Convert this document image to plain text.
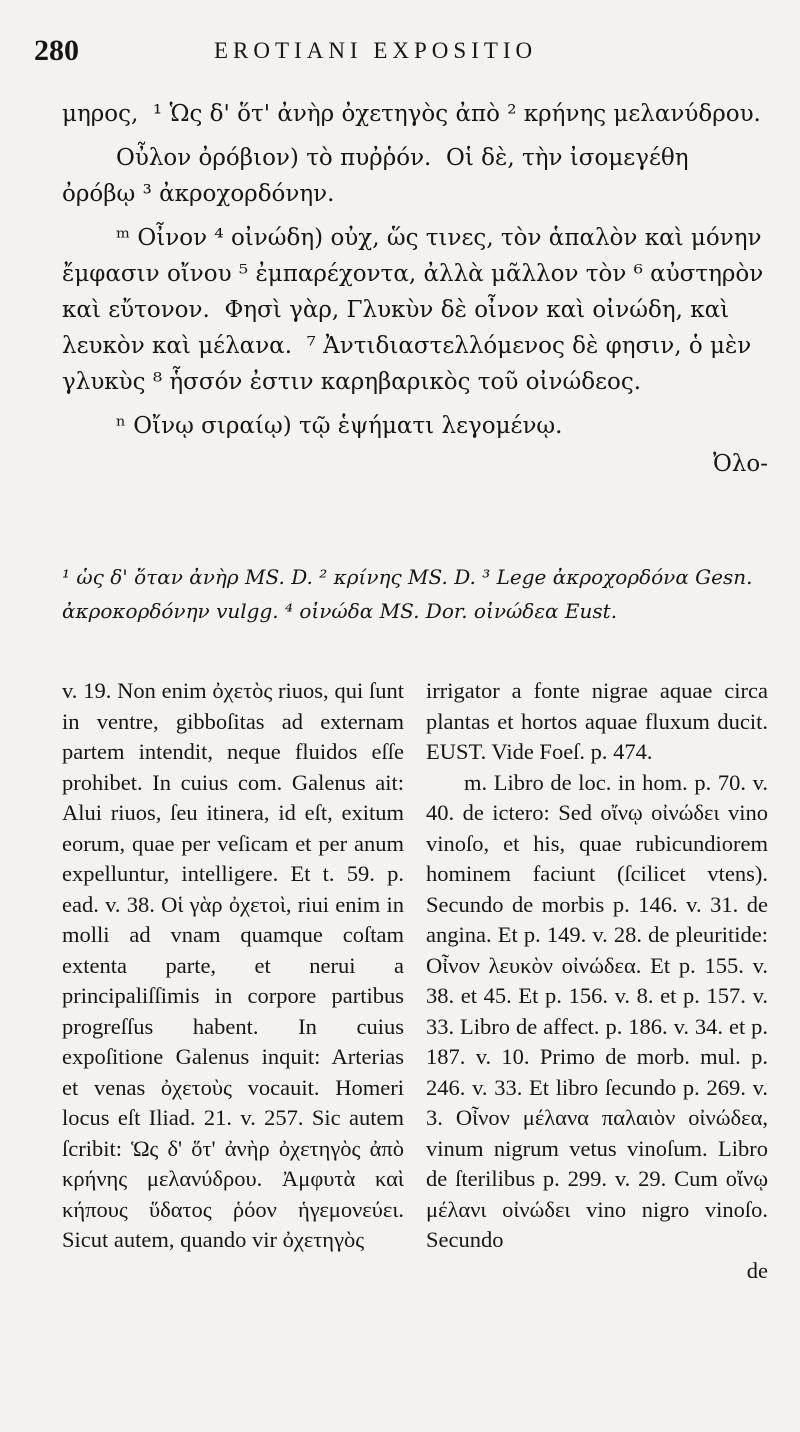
280	EROTIANI EXPOSITIO

μηρος,  ¹ Ὡς δ' ὅτ' ἀνὴρ ὀχετηγὸς ἀπὸ ² κρήνης μελανύδρου.

Οὖλον ὀρόβιον) τὸ πυῤῥόν.  Οἱ δὲ, τὴν ἰσομεγέθη ὀρόβῳ ³ ἀκροχορδόνην.

ᵐ Οἶνον ⁴ οἰνώδη) οὐχ, ὥς τινες, τὸν ἁπαλὸν καὶ μόνην ἔμφασιν οἴνου ⁵ ἐμπαρέχοντα, ἀλλὰ μᾶλλον τὸν ⁶ αὐστηρὸν καὶ εὔτονον.  Φησὶ γὰρ, Γλυκὺν δὲ οἶνον καὶ οἰνώδη, καὶ λευκὸν καὶ μέλανα.  ⁷ Ἀντιδιαστελλόμενος δὲ φησιν, ὁ μὲν γλυκὺς ⁸ ἧσσόν ἐστιν καρηβαρικὸς τοῦ οἰνώδεος.

ⁿ Οἴνῳ σιραίῳ) τῷ ἑψήματι λεγομένῳ.

Ὀλο-

¹ ὡς δ' ὅταν ἀνὴρ MS. D. ² κρίνης MS. D. ³ Lege ἀκροχορδόνα Gesn. ἀκροκορδόνην vulgg. ⁴ οἰνώδα MS. Dor. οἰνώδεα Eust.

v. 19. Non enim ὀχετὸς riuos, qui ſunt in ventre, gibboſitas ad externam partem intendit, neque fluidos eſſe prohibet. In cuius com. Galenus ait: Alui riuos, ſeu itinera, id eſt, exitum eorum, quae per veſicam et per anum expelluntur, intelligere. Et t. 59. p. ead. v. 38. Οἱ γὰρ ὀχετοὶ, riui enim in molli ad vnam quamque coſtam extenta parte, et nerui a principaliſſimis in corpore partibus progreſſus habent. In cuius expoſitione Galenus inquit: Arterias et venas ὀχετοὺς vocauit. Homeri locus eſt Iliad. 21. v. 257. Sic autem ſcribit: Ὡς δ' ὅτ' ἀνὴρ ὀχετηγὸς ἀπὸ κρήνης μελανύδρου. Ἀμφυτὰ καὶ κήπους ὕδατος ῥόον ἡγεμονεύει. Sicut autem, quando vir ὀχετηγὸς

irrigator a fonte nigrae aquae circa plantas et hortos aquae fluxum ducit. EUST. Vide Foeſ. p. 474.

m. Libro de loc. in hom. p. 70. v. 40. de ictero: Sed οἴνῳ οἰνώδει vino vinoſo, et his, quae rubicundiorem hominem faciunt (ſcilicet vtens). Secundo de morbis p. 146. v. 31. de angina. Et p. 149. v. 28. de pleuritide: Οἶνον λευκὸν οἰνώδεα. Et p. 155. v. 38. et 45. Et p. 156. v. 8. et p. 157. v. 33. Libro de affect. p. 186. v. 34. et p. 187. v. 10. Primo de morb. mul. p. 246. v. 33. Et libro ſecundo p. 269. v. 3. Οἶνον μέλανα παλαιὸν οἰνώδεα, vinum nigrum vetus vinoſum. Libro de ſterilibus p. 299. v. 29. Cum οἴνῳ μέλανι οἰνώδει vino nigro vinoſo. Secundo

de
